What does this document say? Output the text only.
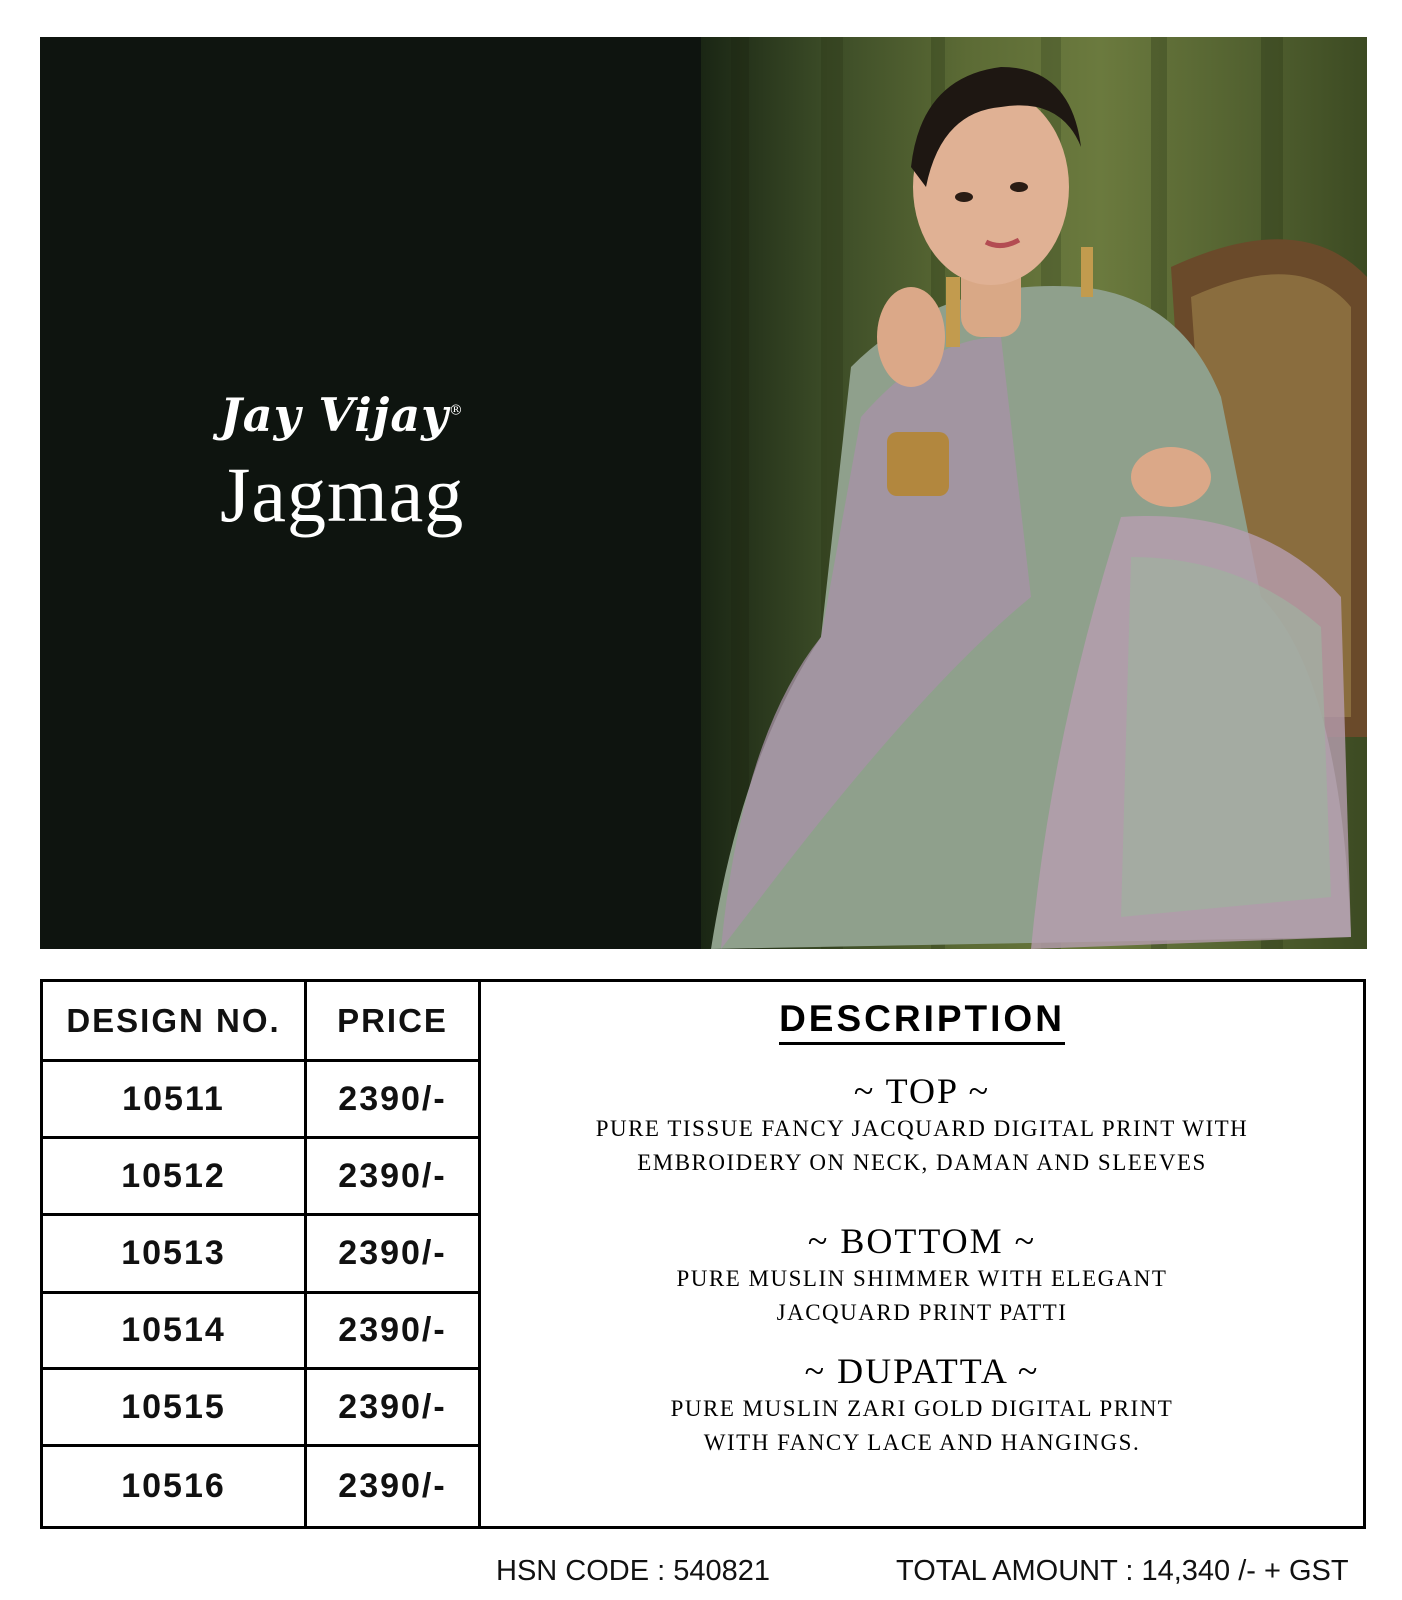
Jay Vijay®
Jagmag
DESIGN NO.
10511
10512
10513
10514
10515
10516
PRICE
2390/-
2390/-
2390/-
2390/-
2390/-
2390/-
DESCRIPTION

~ TOP ~

PURE TISSUE FANCY JACQUARD DIGITAL PRINT WITH

EMBROIDERY ON NECK, DAMAN AND SLEEVES

~ BOTTOM ~

PURE MUSLIN SHIMMER WITH ELEGANT

JACQUARD PRINT PATTI

~ DUPATTA ~

PURE MUSLIN ZARI GOLD DIGITAL PRINT

WITH FANCY LACE AND HANGINGS.

HSN CODE : 540821	TOTAL AMOUNT : 14,340 /- + GST
